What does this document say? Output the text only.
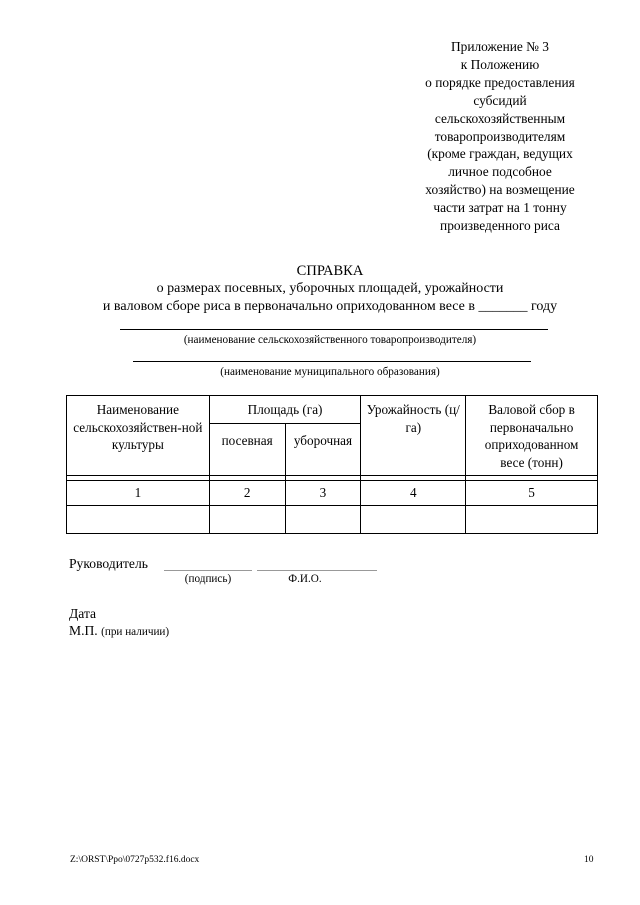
Приложение № 3
к Положению
о порядке предоставления
субсидий
сельскохозяйственным
товаропроизводителям
(кроме граждан, ведущих
личное подсобное
хозяйство) на возмещение
части затрат на 1 тонну
произведенного риса
СПРАВКА
о размерах посевных, уборочных площадей, урожайности
и валовом сборе риса в первоначально оприходованном весе в _______ году
(наименование сельскохозяйственного товаропроизводителя)
(наименование муниципального образования)
Наименование сельскохозяйствен-ной культуры	Площадь (га)		Урожайность (ц/га)	Валовой сбор в первоначально оприходованном весе (тонн)
	посевная	уборочная		

1	2	3	4	5

Руководитель
(подпись)	Ф.И.О.
Дата
М.П. (при наличии)
Z:\ORST\Ppo\0727p532.f16.docx	10
